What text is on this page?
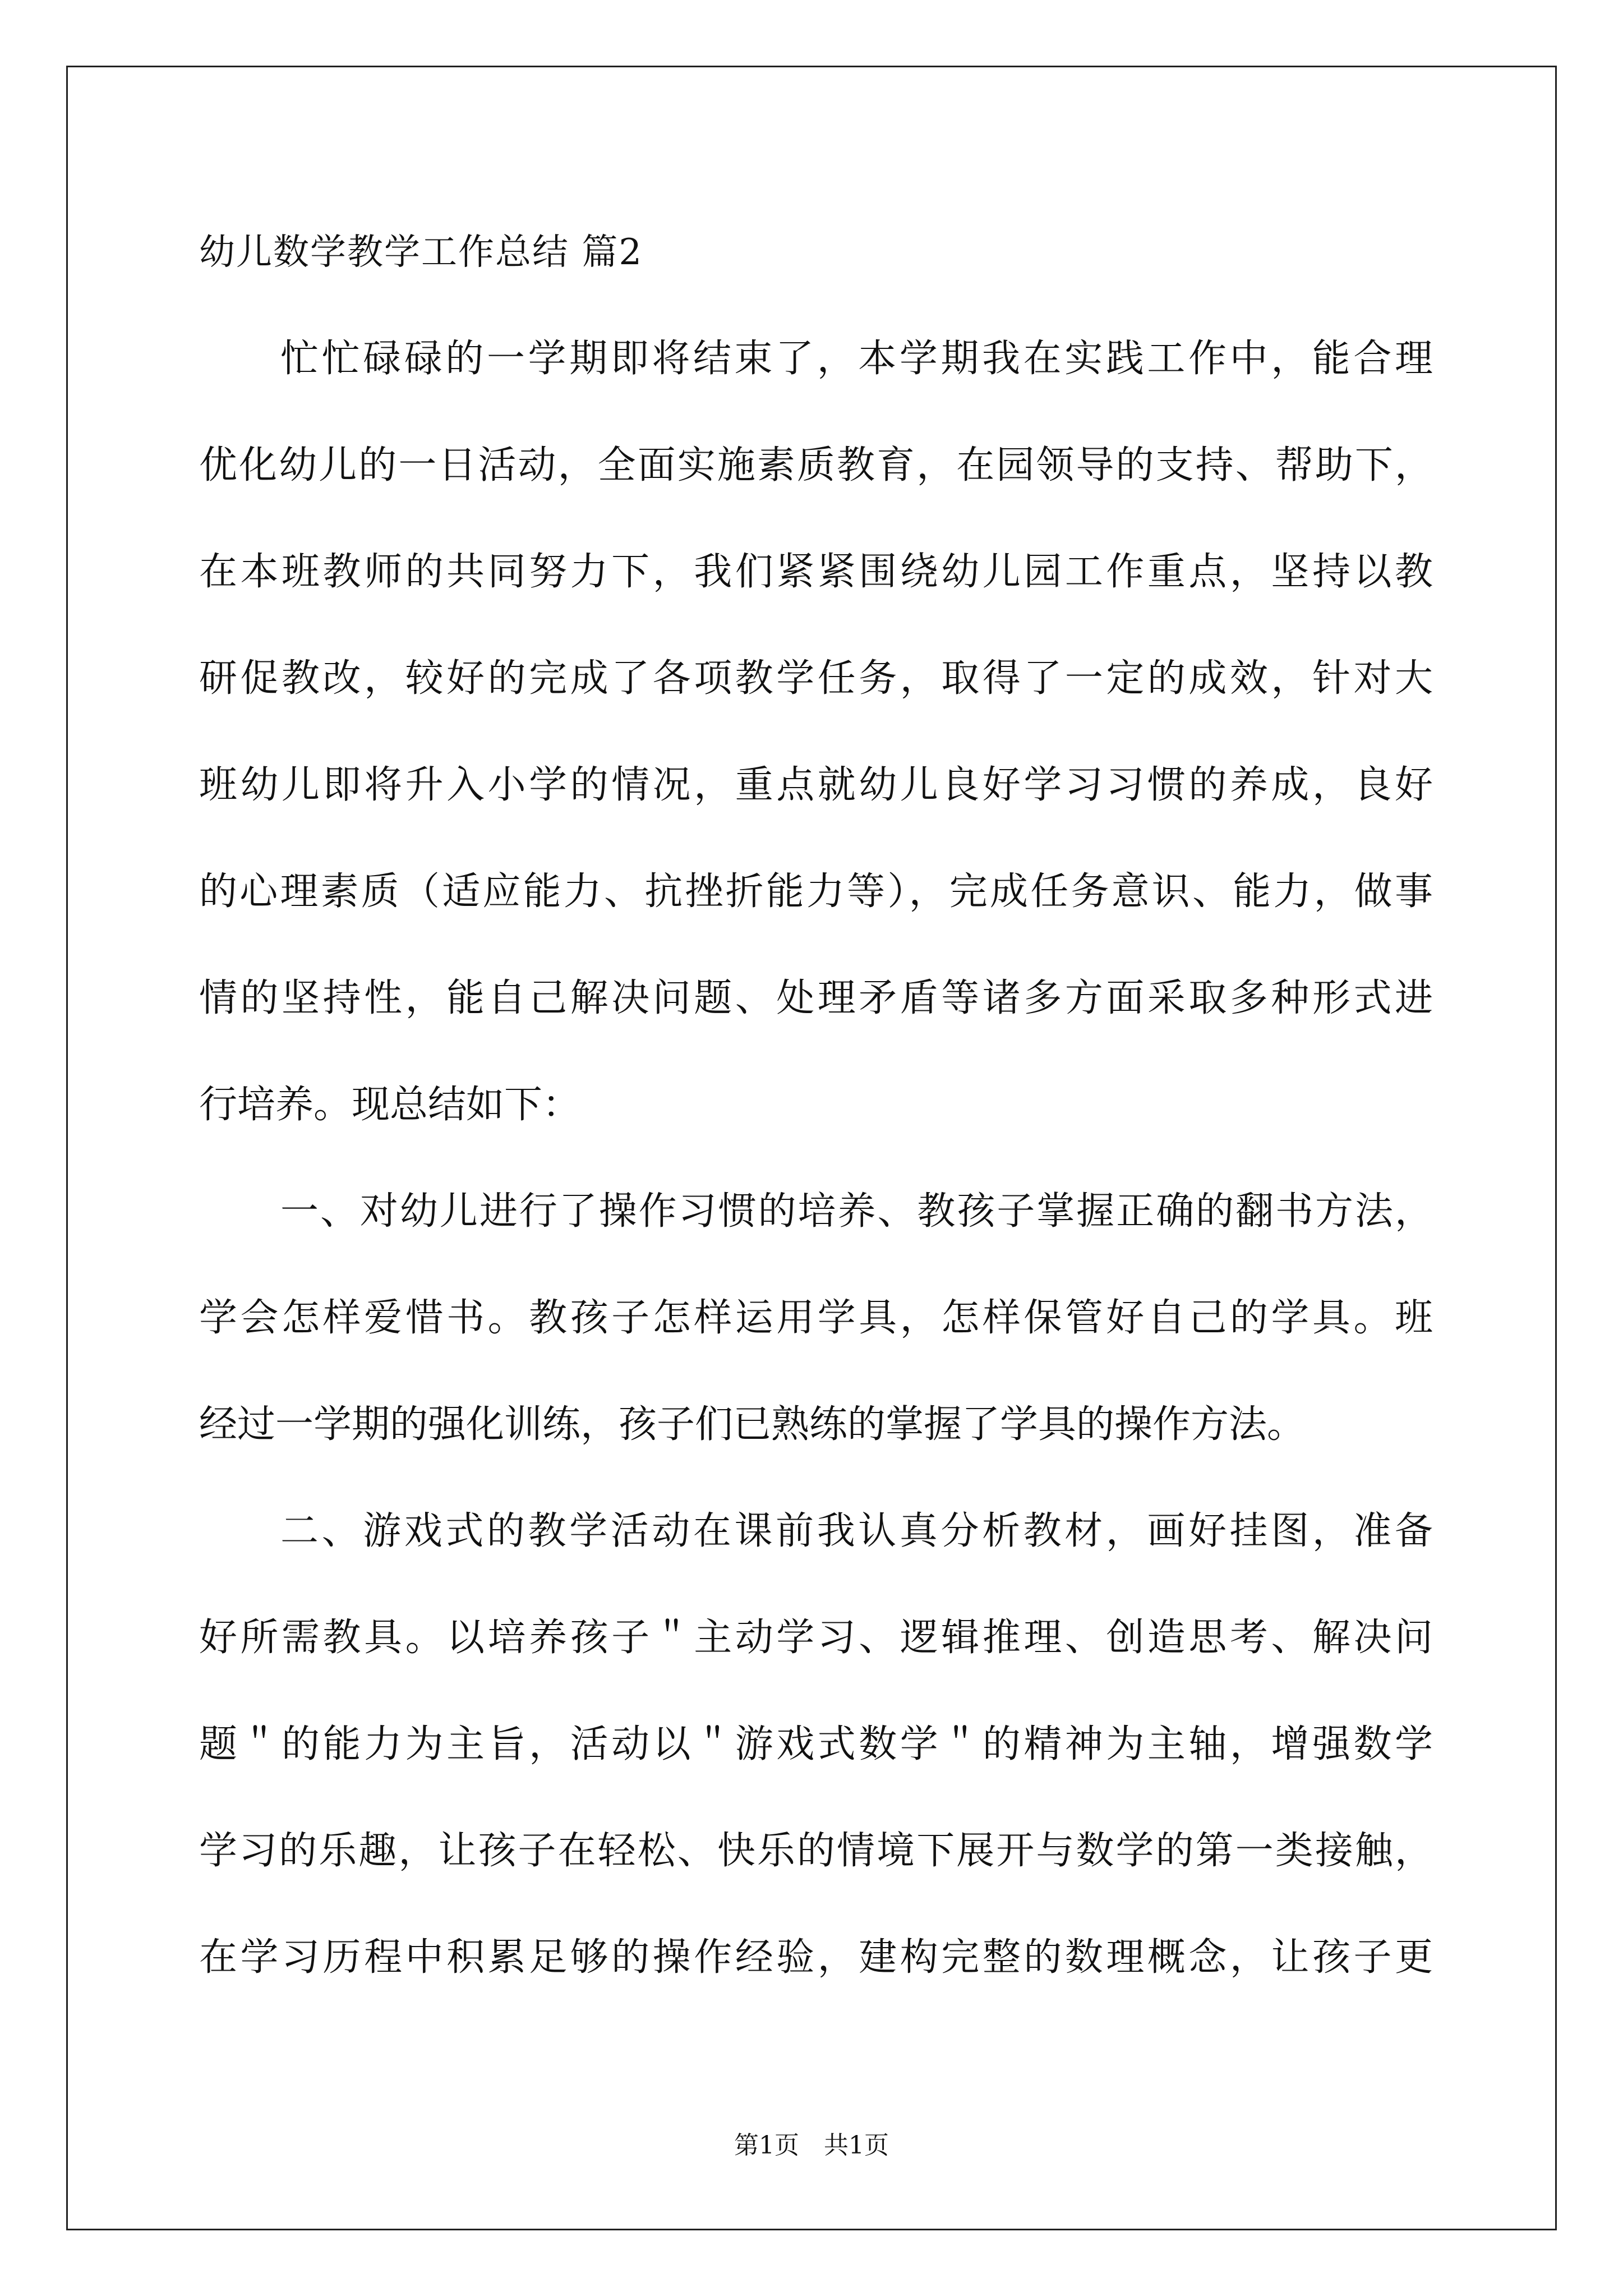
幼儿数学教学工作总结 篇2

忙忙碌碌的一学期即将结束了，本学期我在实践工作中，能合理

优化幼儿的一日活动，全面实施素质教育，在园领导的支持、帮助下，

在本班教师的共同努力下，我们紧紧围绕幼儿园工作重点，坚持以教

研促教改，较好的完成了各项教学任务，取得了一定的成效，针对大

班幼儿即将升入小学的情况，重点就幼儿良好学习习惯的养成，良好

的心理素质（适应能力、抗挫折能力等），完成任务意识、能力，做事

情的坚持性，能自己解决问题、处理矛盾等诸多方面采取多种形式进

行培养。现总结如下：

一、对幼儿进行了操作习惯的培养、教孩子掌握正确的翻书方法，

学会怎样爱惜书。教孩子怎样运用学具，怎样保管好自己的学具。班

经过一学期的强化训练，孩子们已熟练的掌握了学具的操作方法。

二、游戏式的教学活动在课前我认真分析教材，画好挂图，准备

好所需教具。以培养孩子＂主动学习、逻辑推理、创造思考、解决问

题＂的能力为主旨，活动以＂游戏式数学＂的精神为主轴，增强数学

学习的乐趣，让孩子在轻松、快乐的情境下展开与数学的第一类接触，

在学习历程中积累足够的操作经验，建构完整的数理概念，让孩子更

第1页　共1页
